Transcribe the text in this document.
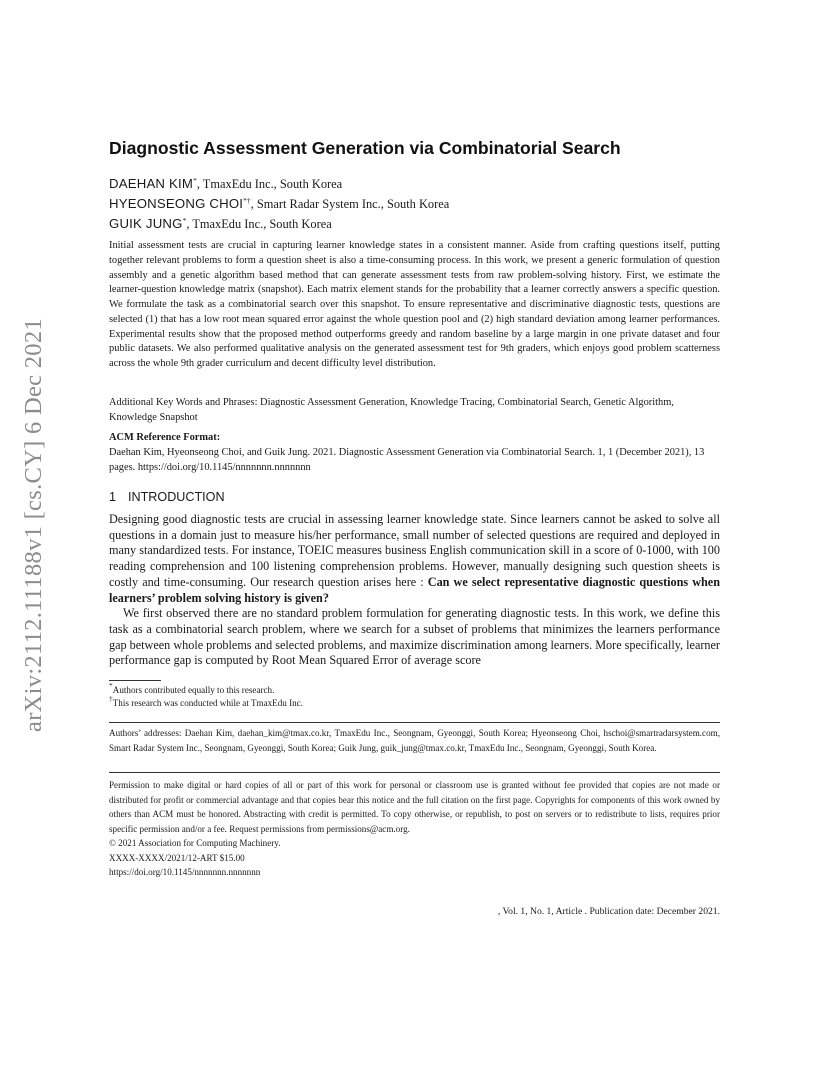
arXiv:2112.11188v1 [cs.CY] 6 Dec 2021
Diagnostic Assessment Generation via Combinatorial Search
DAEHAN KIM*, TmaxEdu Inc., South Korea
HYEONSEONG CHOI*†, Smart Radar System Inc., South Korea
GUIK JUNG*, TmaxEdu Inc., South Korea

Initial assessment tests are crucial in capturing learner knowledge states in a consistent manner. Aside from crafting questions itself, putting together relevant problems to form a question sheet is also a time-consuming process. In this work, we present a generic formulation of question assembly and a genetic algorithm based method that can generate assessment tests from raw problem-solving history. First, we estimate the learner-question knowledge matrix (snapshot). Each matrix element stands for the probability that a learner correctly answers a specific question. We formulate the task as a combinatorial search over this snapshot. To ensure representative and discriminative diagnostic tests, questions are selected (1) that has a low root mean squared error against the whole question pool and (2) high standard deviation among learner performances. Experimental results show that the proposed method outperforms greedy and random baseline by a large margin in one private dataset and four public datasets. We also performed qualitative analysis on the generated assessment test for 9th graders, which enjoys good problem scatterness across the whole 9th grader curriculum and decent difficulty level distribution.

Additional Key Words and Phrases: Diagnostic Assessment Generation, Knowledge Tracing, Combinatorial Search, Genetic Algorithm, Knowledge Snapshot

ACM Reference Format:
Daehan Kim, Hyeonseong Choi, and Guik Jung. 2021. Diagnostic Assessment Generation via Combinatorial Search. 1, 1 (December 2021), 13 pages. https://doi.org/10.1145/nnnnnnn.nnnnnnn

1 INTRODUCTION

Designing good diagnostic tests are crucial in assessing learner knowledge state. Since learners cannot be asked to solve all questions in a domain just to measure his/her performance, small number of selected questions are required and deployed in many standardized tests. For instance, TOEIC measures business English communication skill in a score of 0-1000, with 100 reading comprehension and 100 listening comprehension problems. However, manually designing such question sheets is costly and time-consuming. Our research question arises here : Can we select representative diagnostic questions when learners’ problem solving history is given?

We first observed there are no standard problem formulation for generating diagnostic tests. In this work, we define this task as a combinatorial search problem, where we search for a subset of problems that minimizes the learners performance gap between whole problems and selected problems, and maximize discrimination among learners. More specifically, learner performance gap is computed by Root Mean Squared Error of average score

*Authors contributed equally to this research.
†This research was conducted while at TmaxEdu Inc.
Authors’ addresses: Daehan Kim, daehan_kim@tmax.co.kr, TmaxEdu Inc., Seongnam, Gyeonggi, South Korea; Hyeonseong Choi, hschoi@smartradarsystem.com, Smart Radar System Inc., Seongnam, Gyeonggi, South Korea; Guik Jung, guik_jung@tmax.co.kr, TmaxEdu Inc., Seongnam, Gyeonggi, South Korea.

Permission to make digital or hard copies of all or part of this work for personal or classroom use is granted without fee provided that copies are not made or distributed for profit or commercial advantage and that copies bear this notice and the full citation on the first page. Copyrights for components of this work owned by others than ACM must be honored. Abstracting with credit is permitted. To copy otherwise, or republish, to post on servers or to redistribute to lists, requires prior specific permission and/or a fee. Request permissions from permissions@acm.org.

© 2021 Association for Computing Machinery.
XXXX-XXXX/2021/12-ART $15.00
https://doi.org/10.1145/nnnnnnn.nnnnnnn
, Vol. 1, No. 1, Article . Publication date: December 2021.
